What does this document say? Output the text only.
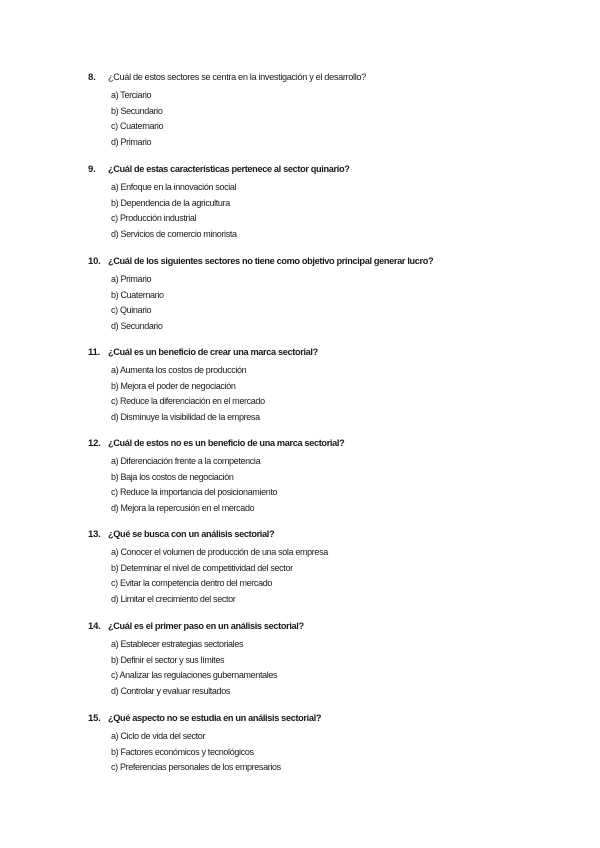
8.	¿Cuál de estos sectores se centra en la investigación y el desarrollo?
a) Terciario
b) Secundario
c) Cuaternario
d) Primario
9.	¿Cuál de estas características pertenece al sector quinario?
a) Enfoque en la innovación social
b) Dependencia de la agricultura
c) Producción industrial
d) Servicios de comercio minorista
10. ¿Cuál de los siguientes sectores no tiene como objetivo principal generar lucro?
a) Primario
b) Cuaternario
c) Quinario
d) Secundario
11. ¿Cuál es un beneficio de crear una marca sectorial?
a) Aumenta los costos de producción
b) Mejora el poder de negociación
c) Reduce la diferenciación en el mercado
d) Disminuye la visibilidad de la empresa
12. ¿Cuál de estos no es un beneficio de una marca sectorial?
a) Diferenciación frente a la competencia
b) Baja los costos de negociación
c) Reduce la importancia del posicionamiento
d) Mejora la repercusión en el mercado
13. ¿Qué se busca con un análisis sectorial?
a) Conocer el volumen de producción de una sola empresa
b) Determinar el nivel de competitividad del sector
c) Evitar la competencia dentro del mercado
d) Limitar el crecimiento del sector
14. ¿Cuál es el primer paso en un análisis sectorial?
a) Establecer estrategias sectoriales
b) Definir el sector y sus límites
c) Analizar las regulaciones gubernamentales
d) Controlar y evaluar resultados
15. ¿Qué aspecto no se estudia en un análisis sectorial?
a) Ciclo de vida del sector
b) Factores económicos y tecnológicos
c) Preferencias personales de los empresarios
